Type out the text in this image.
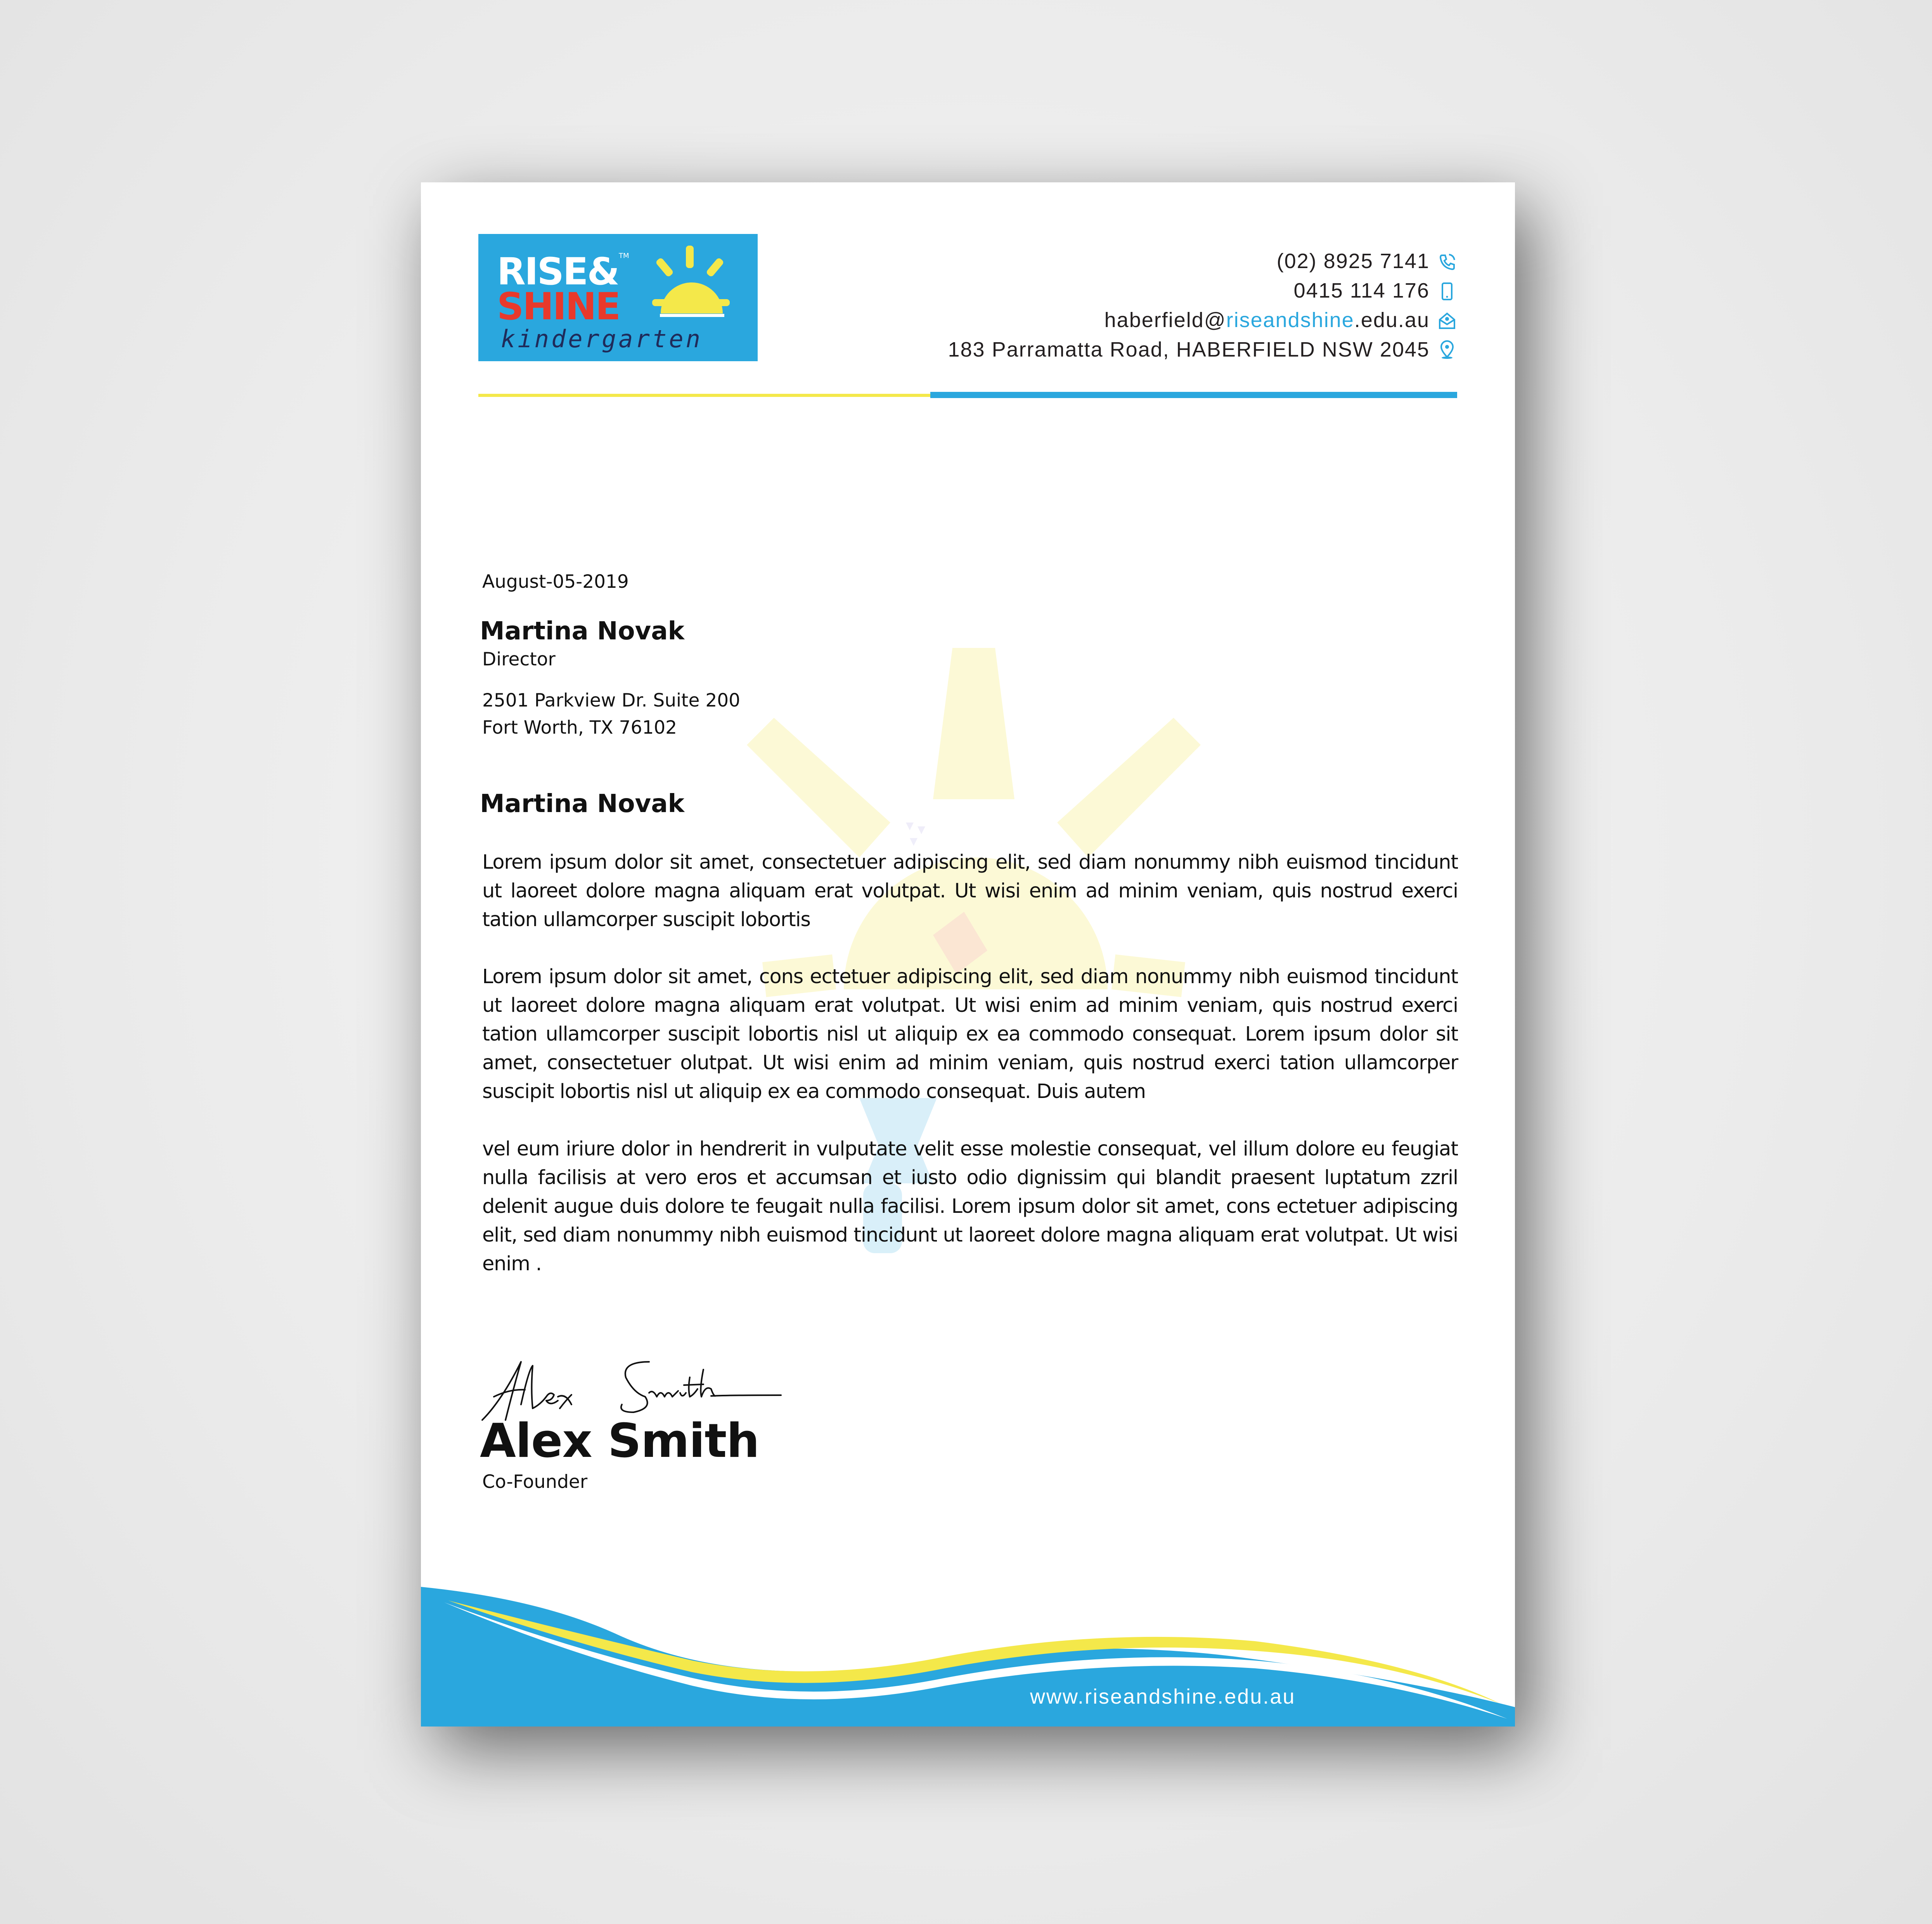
RISE& TM
SHINE
kindergarten
(02) 8925 7141
0415 114 176
haberfield@riseandshine.edu.au
183 Parramatta Road, HABERFIELD NSW 2045
August-05-2019
Martina Novak
Director
2501 Parkview Dr. Suite 200
Fort Worth, TX 76102
Martina Novak
Lorem ipsum dolor sit amet, consectetuer adipiscing elit, sed diam nonummy nibh euismod tincidunt ut laoreet dolore magna aliquam erat volutpat. Ut wisi enim ad minim veniam, quis nostrud exerci tation ullamcorper suscipit lobortis
Lorem ipsum dolor sit amet, cons ectetuer adipiscing elit, sed diam nonummy nibh euismod tincidunt ut laoreet dolore magna aliquam erat volutpat. Ut wisi enim ad minim veniam, quis nostrud exerci tation ullamcorper suscipit lobortis nisl ut aliquip ex ea commodo consequat. Lorem ipsum dolor sit amet, consectetuer olutpat. Ut wisi enim ad minim veniam, quis nostrud exerci tation ullamcorper suscipit lobortis nisl ut aliquip ex ea commodo consequat. Duis autem
vel eum iriure dolor in hendrerit in vulputate velit esse molestie consequat, vel illum dolore eu feugiat nulla facilisis at vero eros et accumsan et iusto odio dignissim qui blandit praesent luptatum zzril delenit augue duis dolore te feugait nulla facilisi. Lorem ipsum dolor sit amet, cons ectetuer adipiscing elit, sed diam nonummy nibh euismod tincidunt ut laoreet dolore magna aliquam erat volutpat. Ut wisi enim .
Alex Smith
Co-Founder
www.riseandshine.edu.au
